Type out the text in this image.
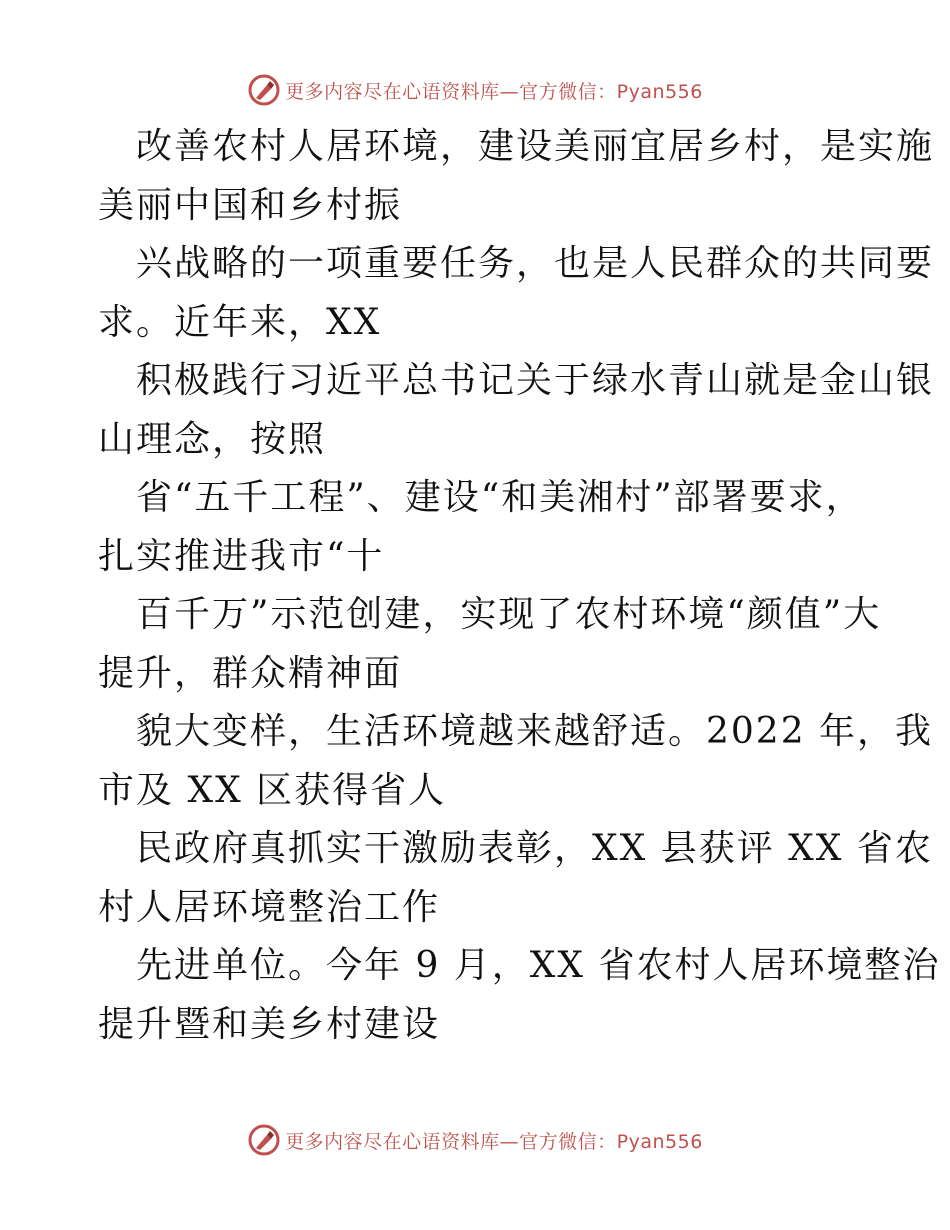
更多内容尽在心语资料库—官方微信：Pyan556
改善农村人居环境，建设美丽宜居乡村，是实施
美丽中国和乡村振
兴战略的一项重要任务，也是人民群众的共同要
求。近年来，XX
积极践行习近平总书记关于绿水青山就是金山银
山理念，按照
省“五千工程”、建设“和美湘村”部署要求，
扎实推进我市“十
百千万”示范创建，实现了农村环境“颜值”大
提升，群众精神面
貌大变样，生活环境越来越舒适。2022 年，我
市及 XX 区获得省人
民政府真抓实干激励表彰，XX 县获评 XX 省农
村人居环境整治工作
先进单位。今年 9 月，XX 省农村人居环境整治
提升暨和美乡村建设
更多内容尽在心语资料库—官方微信：Pyan556
